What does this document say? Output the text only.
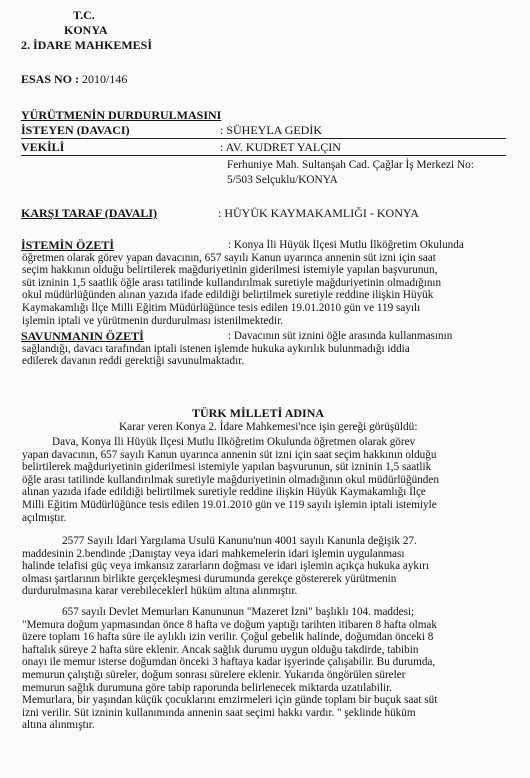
T.C.
KONYA
2. İDARE MAHKEMESİ
ESAS NO : 2010/146
YÜRÜTMENİN DURDURULMASINI
İSTEYEN (DAVACI)	: SÜHEYLA GEDİK
VEKİLİ	: AV. KUDRET YALÇIN
Ferhuniye Mah. Sultanşah Cad. Çağlar İş Merkezi No:
5/503 Selçuklu/KONYA
KARŞI TARAF (DAVALI)	: HÜYÜK KAYMAKAMLIĞI - KONYA
İSTEMİN ÖZETİ	: Konya İli Hüyük İlçesi Mutlu İlköğretim Okulunda
öğretmen olarak görev yapan davacının, 657 sayılı Kanun uyarınca annenin süt izni için saat
seçim hakkının olduğu belirtilerek mağduriyetinin giderilmesi istemiyle yapılan başvurunun,
süt izninin 1,5 saatlik öğle arası tatilinde kullandırılmak suretiyle mağduriyetinin olmadığının
okul müdürlüğünden alınan yazıda ifade edildiği belirtilmek suretiyle reddine ilişkin Hüyük
Kaymakamlığı İlçe Milli Eğitim Müdürlüğünce tesis edilen 19.01.2010 gün ve 119 sayılı
işlemin iptali ve yürütmenin durdurulması istenilmektedir.
SAVUNMANIN ÖZETİ	: Davacının süt iznini öğle arasında kullanmasının
sağlandığı, davacı tarafından iptali istenen işlemde hukuka aykırılık bulunmadığı iddia
edilerek davanın reddi gerektiği savunulmaktadır.
TÜRK MİLLETİ ADINA
Karar veren Konya 2. İdare Mahkemesi'nce işin gereği görüşüldü:
Dava, Konya İli Hüyük İlçesi Mutlu İlköğretim Okulunda öğretmen olarak görev
yapan davacının, 657 sayılı Kanun uyarınca annenin süt izni için saat seçim hakkının olduğu
belirtilerek mağduriyetinin giderilmesi istemiyle yapılan başvurunun, süt izninin 1,5 saatlik
öğle arası tatilinde kullandırılmak suretiyle mağduriyetinin olmadığının okul müdürlüğünden
alınan yazıda ifade edildiği belirtilmek suretiyle reddine ilişkin Hüyük Kaymakamlığı İlçe
Milli Eğitim Müdürlüğünce tesis edilen 19.01.2010 gün ve 119 sayılı işlemin iptali istemiyle
açılmıştır.
2577 Sayılı İdari Yargılama Usulü Kanunu'nun 4001 sayılı Kanunla değişik 27.
maddesinin 2.bendinde ;Danıştay veya idari mahkemelerin idari işlemin uygulanması
halinde telafisi güç veya imkansız zararların doğması ve idari işlemin açıkça hukuka aykırı
olması şartlarının birlikte gerçekleşmesi durumunda gerekçe göstererek yürütmenin
durdurulmasına karar verebileceklerİ hüküm altına alınmıştır.
657 sayılı Devlet Memurları Kanununun "Mazeret İzni" başlıklı 104. maddesi;
"Memura doğum yapmasından önce 8 hafta ve doğum yaptığı tarihten itibaren 8 hafta olmak
üzere toplam 16 hafta süre ile aylıklı izin verilir. Çoğul gebelik halinde, doğumdan önceki 8
haftalık süreye 2 hafta süre eklenir. Ancak sağlık durumu uygun olduğu takdirde, tabibin
onayı ile memur isterse doğumdan önceki 3 haftaya kadar işyerinde çalışabilir. Bu durumda,
memurun çalıştığı süreler, doğum sonrası sürelere eklenir. Yukarıda öngörülen süreler
memurun sağlık durumuna göre tabip raporunda belirlenecek miktarda uzatılabilir.
Memurlara, bir yaşından küçük çocuklarını emzirmeleri için günde toplam bir buçuk saat süt
izni verilir. Süt izninin kullanımında annenin saat seçimi hakkı vardır. " şeklinde hüküm
altına alınmıştır.
